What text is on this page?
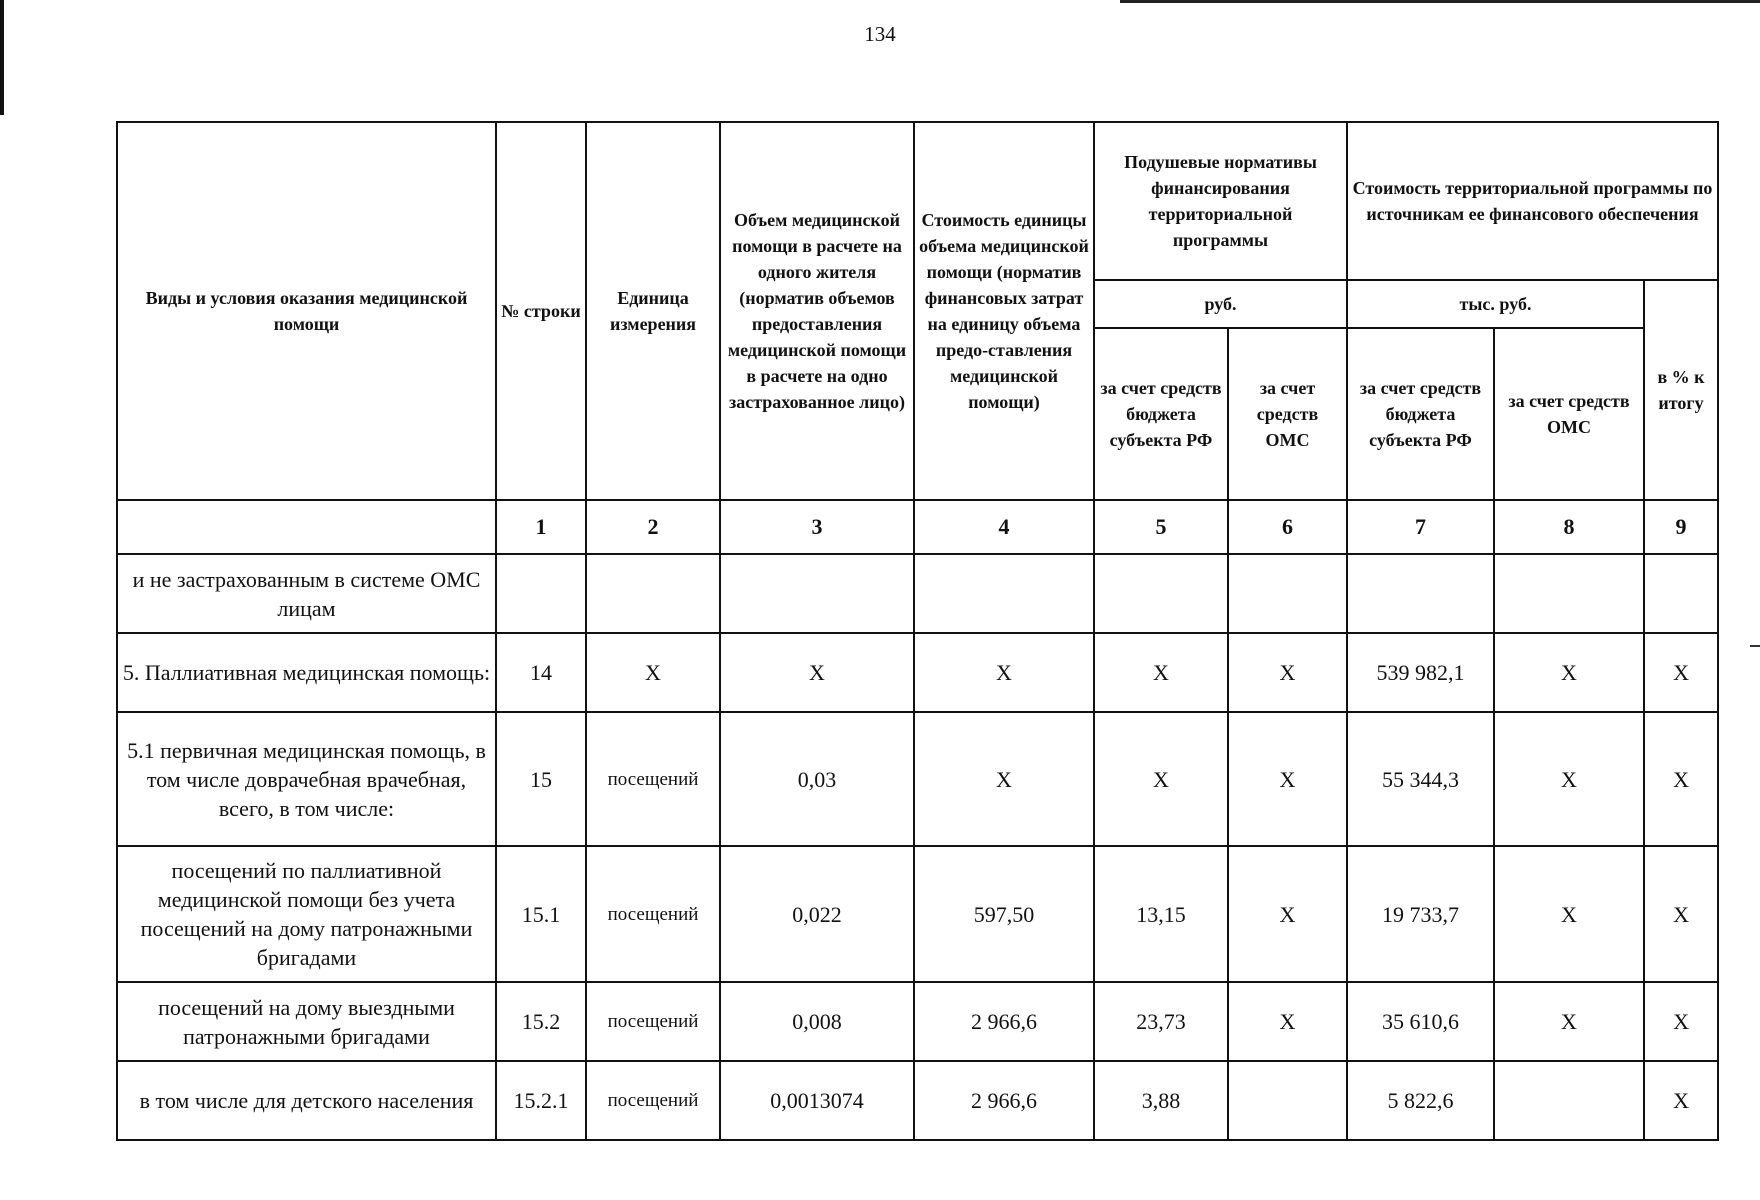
134
Виды и условия оказания медицинской помощи	№ строки	Единица измерения	Объем медицинской помощи в расчете на одного жителя (норматив объемов предоставления медицинской помощи в расчете на одно застрахованное лицо)	Стоимость единицы объема медицинской помощи (норматив финансовых затрат на единицу объема предо-ставления медицинской помощи)	Подушевые нормативы финансирования территориальной программы		Стоимость территориальной программы по источникам ее финансового обеспечения		
					руб.		тыс. руб.		в % к итогу
					за счет средств бюджета субъекта РФ	за счет средств ОМС	за счет средств бюджета субъекта РФ	за счет средств ОМС	
	1	2	3	4	5	6	7	8	9
и не застрахованным в системе ОМС лицам									
5. Паллиативная медицинская помощь:	14	Х	Х	Х	Х	Х	539 982,1	Х	Х
5.1 первичная медицинская помощь, в том числе доврачебная врачебная, всего, в том числе:	15	посещений	0,03	Х	Х	Х	55 344,3	Х	Х
посещений по паллиативной медицинской помощи без учета посещений на дому патронажными бригадами	15.1	посещений	0,022	597,50	13,15	Х	19 733,7	Х	Х
посещений на дому выездными патронажными бригадами	15.2	посещений	0,008	2 966,6	23,73	Х	35 610,6	Х	Х
в том числе для детского населения	15.2.1	посещений	0,0013074	2 966,6	3,88		5 822,6		Х
